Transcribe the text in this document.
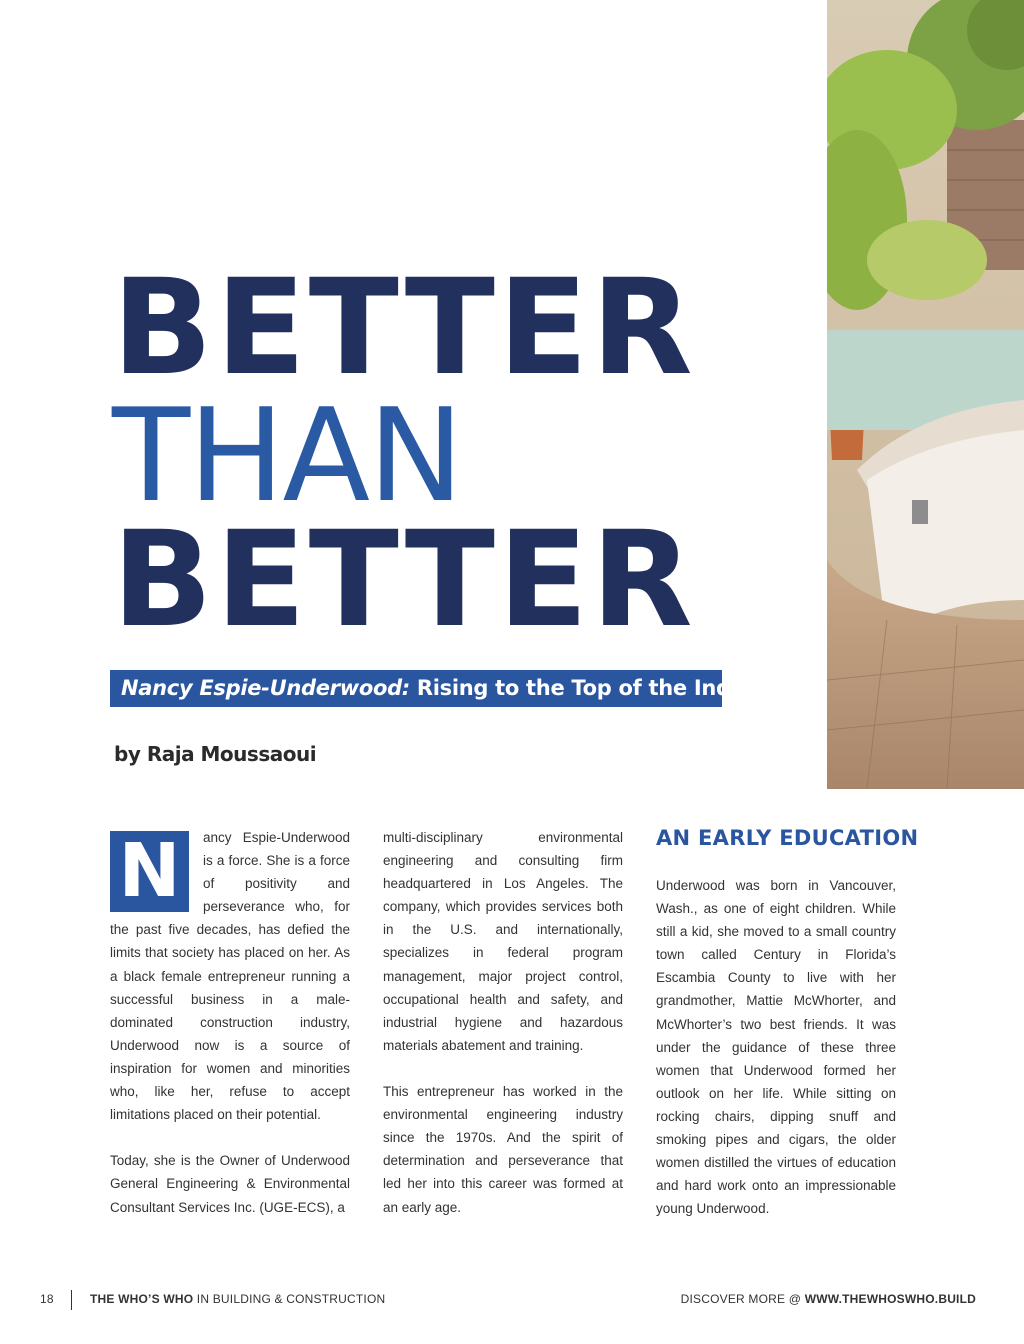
BETTER
THAN
BETTER
Nancy Espie-Underwood: Rising to the Top of the Industry
by Raja Moussaoui

N	ancy Espie-Underwood is a force. She is a force of positivity and perseverance who, for the past five decades, has defied the limits that society has placed on her. As a black female entrepreneur running a successful business in a male-dominated construction industry, Underwood now is a source of inspiration for women and minorities who, like her, refuse to accept limitations placed on their potential.

Today, she is the Owner of Underwood General Engineering & Environmental Consultant Services Inc. (UGE-ECS), a

multi-disciplinary environmental engineering and consulting firm headquartered in Los Angeles. The company, which provides services both in the U.S. and internationally, specializes in federal program management, major project control, occupational health and safety, and industrial hygiene and hazardous materials abatement and training.

This entrepreneur has worked in the environmental engineering industry since the 1970s. And the spirit of determination and perseverance that led her into this career was formed at an early age.

AN EARLY EDUCATION

Underwood was born in Vancouver, Wash., as one of eight children. While still a kid, she moved to a small country town called Century in Florida’s Escambia County to live with her grandmother, Mattie McWhorter, and McWhorter’s two best friends. It was under the guidance of these three women that Underwood formed her outlook on her life. While sitting on rocking chairs, dipping snuff and smoking pipes and cigars, the older women distilled the virtues of education and hard work onto an impressionable young Underwood.

18	THE WHO’S WHO IN BUILDING & CONSTRUCTION	DISCOVER MORE @ WWW.THEWHOSWHO.BUILD
